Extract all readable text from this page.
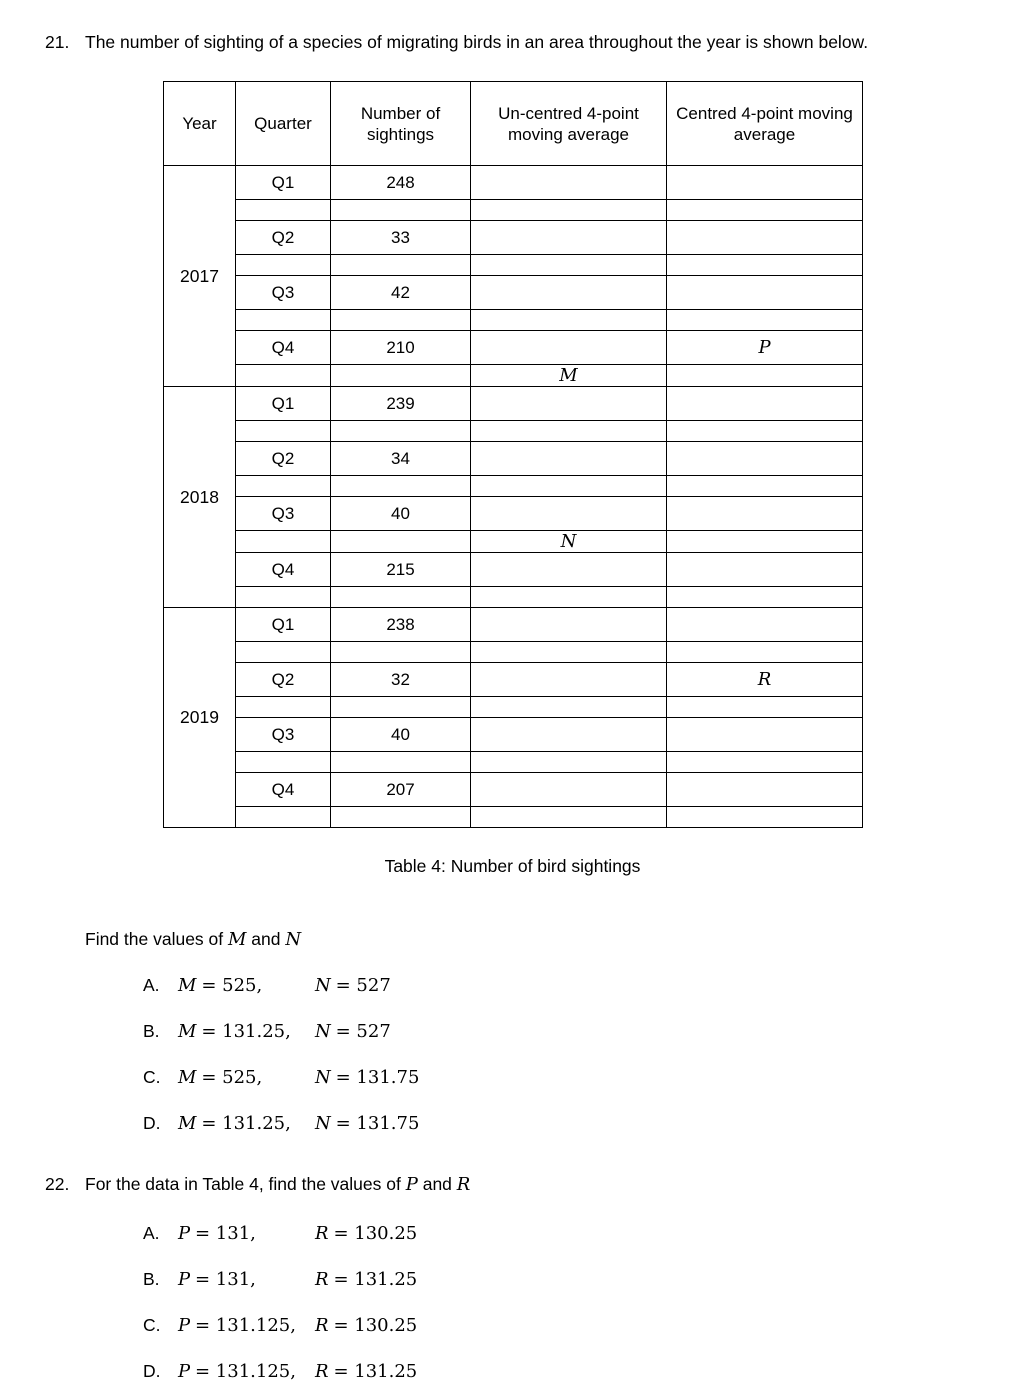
21. The number of sighting of a species of migrating birds in an area throughout the year is shown below.
Year	Quarter	Number of sightings	Un-centred 4-point moving average	Centred 4-point moving average
2017	Q1	248		

	Q2	33		

	Q3	42		

	Q4	210		P
			M	
2018	Q1	239		

	Q2	34		

	Q3	40		
			N	
	Q4	215		

2019	Q1	238		

	Q2	32		R

	Q3	40		

	Q4	207		

Table 4: Number of bird sightings
Find the values of M and N
A.	M = 525,	N = 527
B.	M = 131.25,	N = 527
C. M = 525,	N = 131.75
D. M = 131.25,	N = 131.75
22. For the data in Table 4, find the values of P and R
A.	P = 131,	R = 130.25
B.	P = 131,	R = 131.25
C. P = 131.125,	R = 130.25
D. P = 131.125,	R = 131.25
